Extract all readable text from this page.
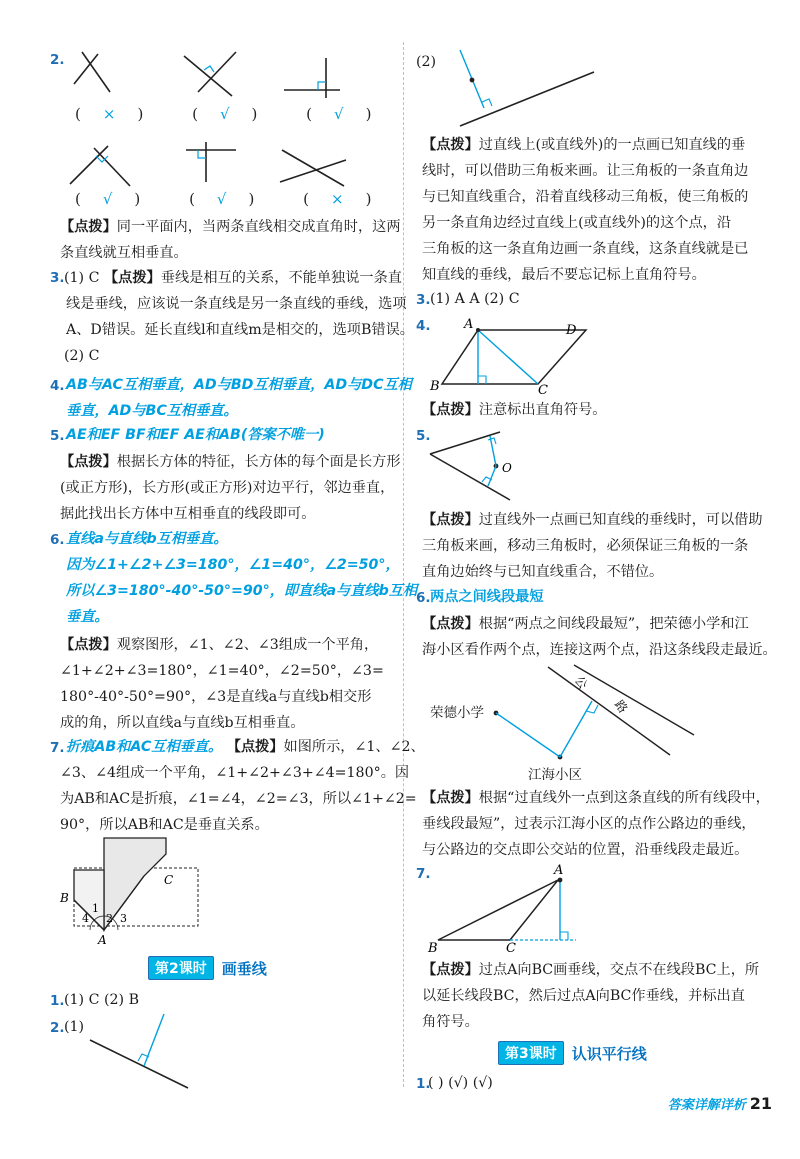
2.
( × )	( √ )	( √ )
( √ )	( √ )	( × )
【点拨】同一平面内，当两条直线相交成直角时，这两
条直线就互相垂直。
3. (1) C 【点拨】垂线是相互的关系，不能单独说一条直
线是垂线，应该说一条直线是另一条直线的垂线，选项
A、D错误。延长直线l和直线m是相交的，选项B错误。
(2) C
4. AB与AC互相垂直，AD与BD互相垂直，AD与DC互相
垂直，AD与BC互相垂直。
5. AE和EF BF和EF AE和AB(答案不唯一)
【点拨】根据长方体的特征，长方体的每个面是长方形
(或正方形)，长方形(或正方形)对边平行，邻边垂直，
据此找出长方体中互相垂直的线段即可。
6. 直线a与直线b互相垂直。
因为∠1+∠2+∠3=180°，∠1=40°，∠2=50°，
所以∠3=180°-40°-50°=90°，即直线a与直线b互相
垂直。
【点拨】观察图形，∠1、∠2、∠3组成一个平角，
∠1+∠2+∠3=180°，∠1=40°，∠2=50°，∠3=
180°-40°-50°=90°，∠3是直线a与直线b相交形
成的角，所以直线a与直线b互相垂直。
7. 折痕AB和AC互相垂直。 【点拨】如图所示，∠1、∠2、
∠3、∠4组成一个平角，∠1+∠2+∠3+∠4=180°。因
为AB和AC是折痕，∠1=∠4，∠2=∠3，所以∠1+∠2=
90°，所以AB和AC是垂直关系。
B
C
A
1
2 3
4
第2课时	画垂线
1. (1) C (2) B
2. (1)
(2)
【点拨】过直线上(或直线外)的一点画已知直线的垂
线时，可以借助三角板来画。让三角板的一条直角边
与已知直线重合，沿着直线移动三角板，使三角板的
另一条直角边经过直线上(或直线外)的这个点，沿
三角板的这一条直角边画一条直线，这条直线就是已
知直线的垂线，最后不要忘记标上直角符号。
3. (1) A A (2) C
4.	A	D
B	C
【点拨】注意标出直角符号。
5.
O
【点拨】过直线外一点画已知直线的垂线时，可以借助
三角板来画，移动三角板时，必须保证三角板的一条
直角边始终与已知直线重合，不错位。
6. 两点之间线段最短
【点拨】根据“两点之间线段最短”，把荣德小学和江
海小区看作两个点，连接这两个点，沿这条线段走最近。
公
路
荣德小学
江海小区
【点拨】根据“过直线外一点到这条直线的所有线段中，
垂线段最短”，过表示江海小区的点作公路边的垂线，
与公路边的交点即公交站的位置，沿垂线段走最近。
7.	A
B	C
【点拨】过点A向BC画垂线，交点不在线段BC上，所
以延长线段BC，然后过点A向BC作垂线，并标出直
角符号。
第3课时	认识平行线
1.
( ) (√) (√)
答案详解详析 21
